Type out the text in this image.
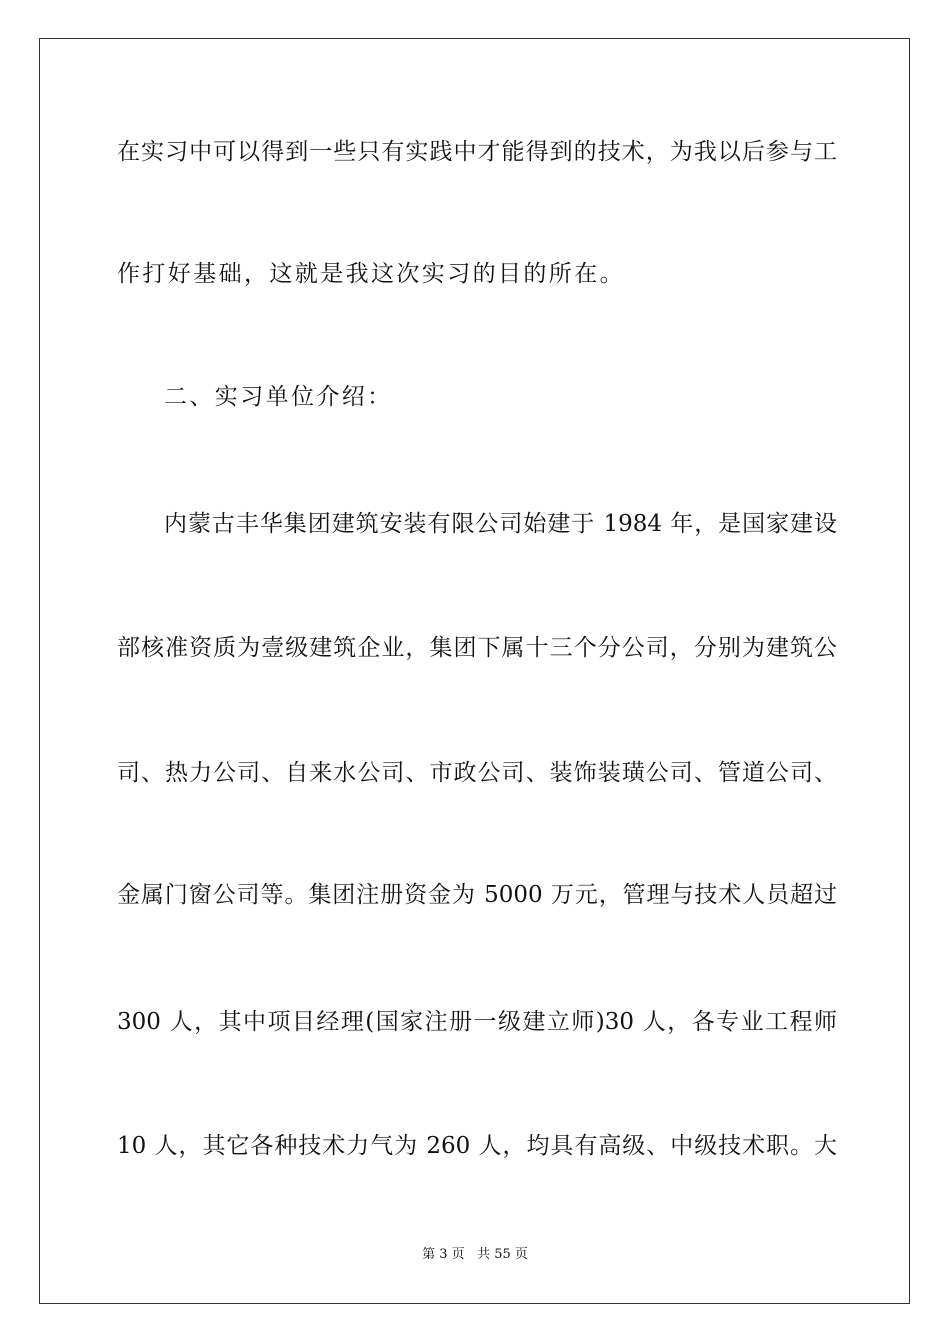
在实习中可以得到一些只有实践中才能得到的技术，为我以后参与工
作打好基础，这就是我这次实习的目的所在。
二、实习单位介绍：
内蒙古丰华集团建筑安装有限公司始建于 1984 年，是国家建设
部核准资质为壹级建筑企业，集团下属十三个分公司，分别为建筑公
司、热力公司、自来水公司、市政公司、装饰装璜公司、管道公司、
金属门窗公司等。集团注册资金为 5000 万元，管理与技术人员超过
300 人，其中项目经理(国家注册一级建立师)30 人，各专业工程师
10 人，其它各种技术力气为 260 人，均具有高级、中级技术职。大
第 3 页 共 55 页
